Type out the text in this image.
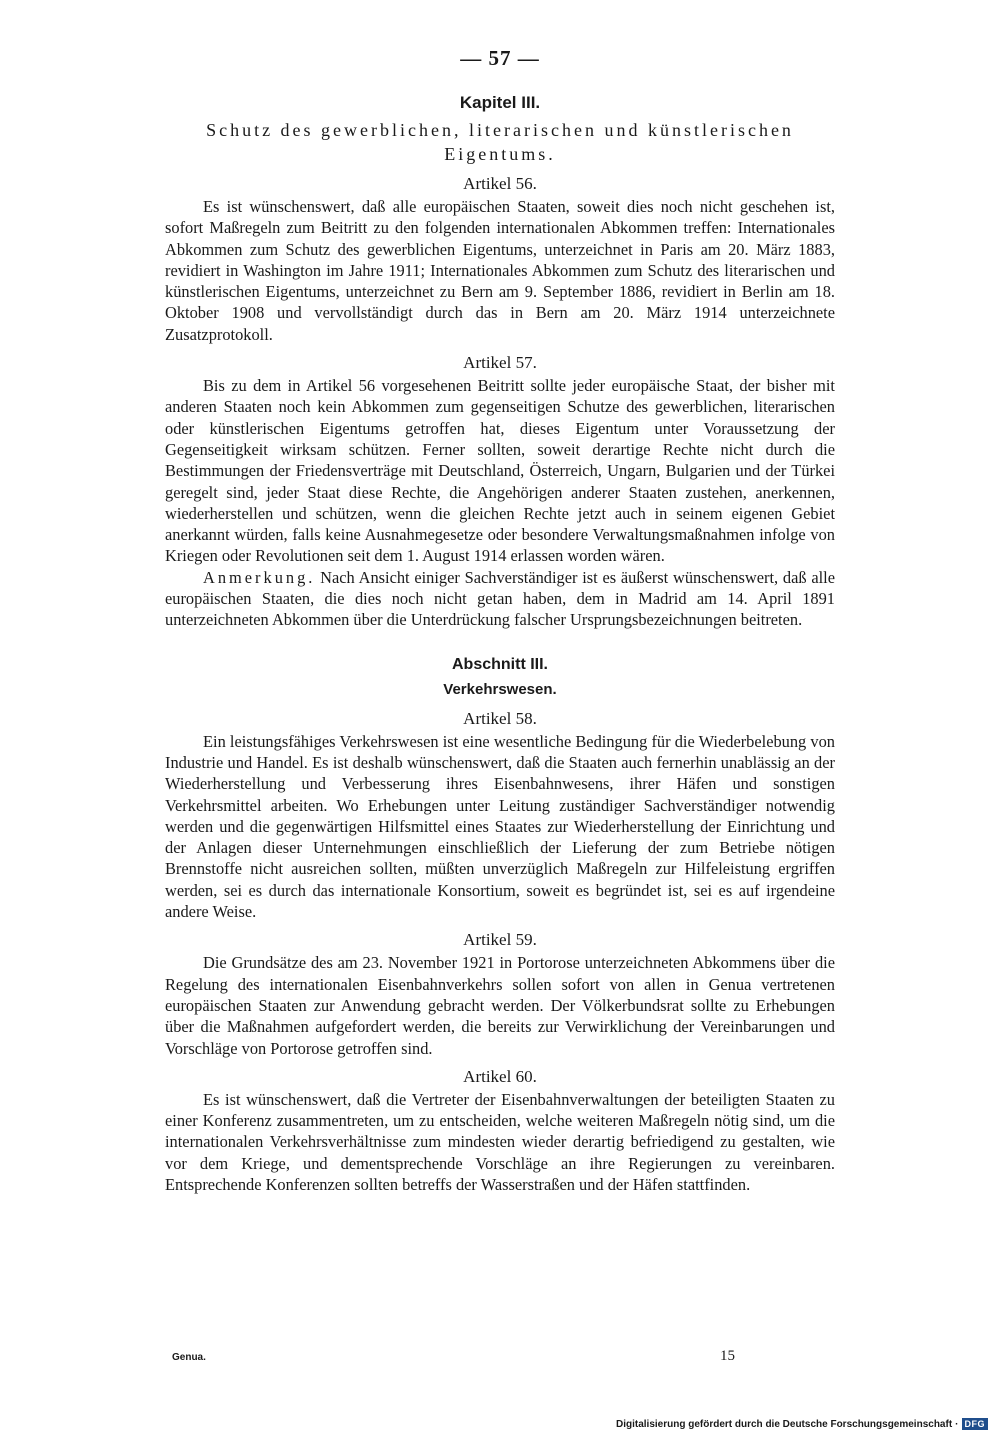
— 57 —
Kapitel III.
Schutz des gewerblichen, literarischen und künstlerischen Eigentums.
Artikel 56.

Es ist wünschenswert, daß alle europäischen Staaten, soweit dies noch nicht geschehen ist, sofort Maßregeln zum Beitritt zu den folgenden internationalen Abkommen treffen: Internationales Abkommen zum Schutz des gewerblichen Eigentums, unterzeichnet in Paris am 20. März 1883, revidiert in Washington im Jahre 1911; Internationales Abkommen zum Schutz des literarischen und künstlerischen Eigentums, unterzeichnet zu Bern am 9. September 1886, revidiert in Berlin am 18. Oktober 1908 und vervollständigt durch das in Bern am 20. März 1914 unterzeichnete Zusatzprotokoll.

Artikel 57.

Bis zu dem in Artikel 56 vorgesehenen Beitritt sollte jeder europäische Staat, der bisher mit anderen Staaten noch kein Abkommen zum gegenseitigen Schutze des gewerblichen, literarischen oder künstlerischen Eigentums getroffen hat, dieses Eigentum unter Voraussetzung der Gegenseitigkeit wirksam schützen. Ferner sollten, soweit derartige Rechte nicht durch die Bestimmungen der Friedensverträge mit Deutschland, Österreich, Ungarn, Bulgarien und der Türkei geregelt sind, jeder Staat diese Rechte, die Angehörigen anderer Staaten zustehen, anerkennen, wiederherstellen und schützen, wenn die gleichen Rechte jetzt auch in seinem eigenen Gebiet anerkannt würden, falls keine Ausnahmegesetze oder besondere Verwaltungsmaßnahmen infolge von Kriegen oder Revolutionen seit dem 1. August 1914 erlassen worden wären.

Anmerkung. Nach Ansicht einiger Sachverständiger ist es äußerst wünschenswert, daß alle europäischen Staaten, die dies noch nicht getan haben, dem in Madrid am 14. April 1891 unterzeichneten Abkommen über die Unterdrückung falscher Ursprungsbezeichnungen beitreten.

Abschnitt III.
Verkehrswesen.
Artikel 58.

Ein leistungsfähiges Verkehrswesen ist eine wesentliche Bedingung für die Wiederbelebung von Industrie und Handel. Es ist deshalb wünschenswert, daß die Staaten auch fernerhin unablässig an der Wiederherstellung und Verbesserung ihres Eisenbahnwesens, ihrer Häfen und sonstigen Verkehrsmittel arbeiten. Wo Erhebungen unter Leitung zuständiger Sachverständiger notwendig werden und die gegenwärtigen Hilfsmittel eines Staates zur Wiederherstellung der Einrichtung und der Anlagen dieser Unternehmungen einschließlich der Lieferung der zum Betriebe nötigen Brennstoffe nicht ausreichen sollten, müßten unverzüglich Maßregeln zur Hilfeleistung ergriffen werden, sei es durch das internationale Konsortium, soweit es begründet ist, sei es auf irgendeine andere Weise.

Artikel 59.

Die Grundsätze des am 23. November 1921 in Portorose unterzeichneten Abkommens über die Regelung des internationalen Eisenbahnverkehrs sollen sofort von allen in Genua vertretenen europäischen Staaten zur Anwendung gebracht werden. Der Völkerbundsrat sollte zu Erhebungen über die Maßnahmen aufgefordert werden, die bereits zur Verwirklichung der Vereinbarungen und Vorschläge von Portorose getroffen sind.

Artikel 60.

Es ist wünschenswert, daß die Vertreter der Eisenbahnverwaltungen der beteiligten Staaten zu einer Konferenz zusammentreten, um zu entscheiden, welche weiteren Maßregeln nötig sind, um die internationalen Verkehrsverhältnisse zum mindesten wieder derartig befriedigend zu gestalten, wie vor dem Kriege, und dementsprechende Vorschläge an ihre Regierungen zu vereinbaren. Entsprechende Konferenzen sollten betreffs der Wasserstraßen und der Häfen stattfinden.

Genua.	15
Digitalisierung gefördert durch die Deutsche Forschungsgemeinschaft · DFG
